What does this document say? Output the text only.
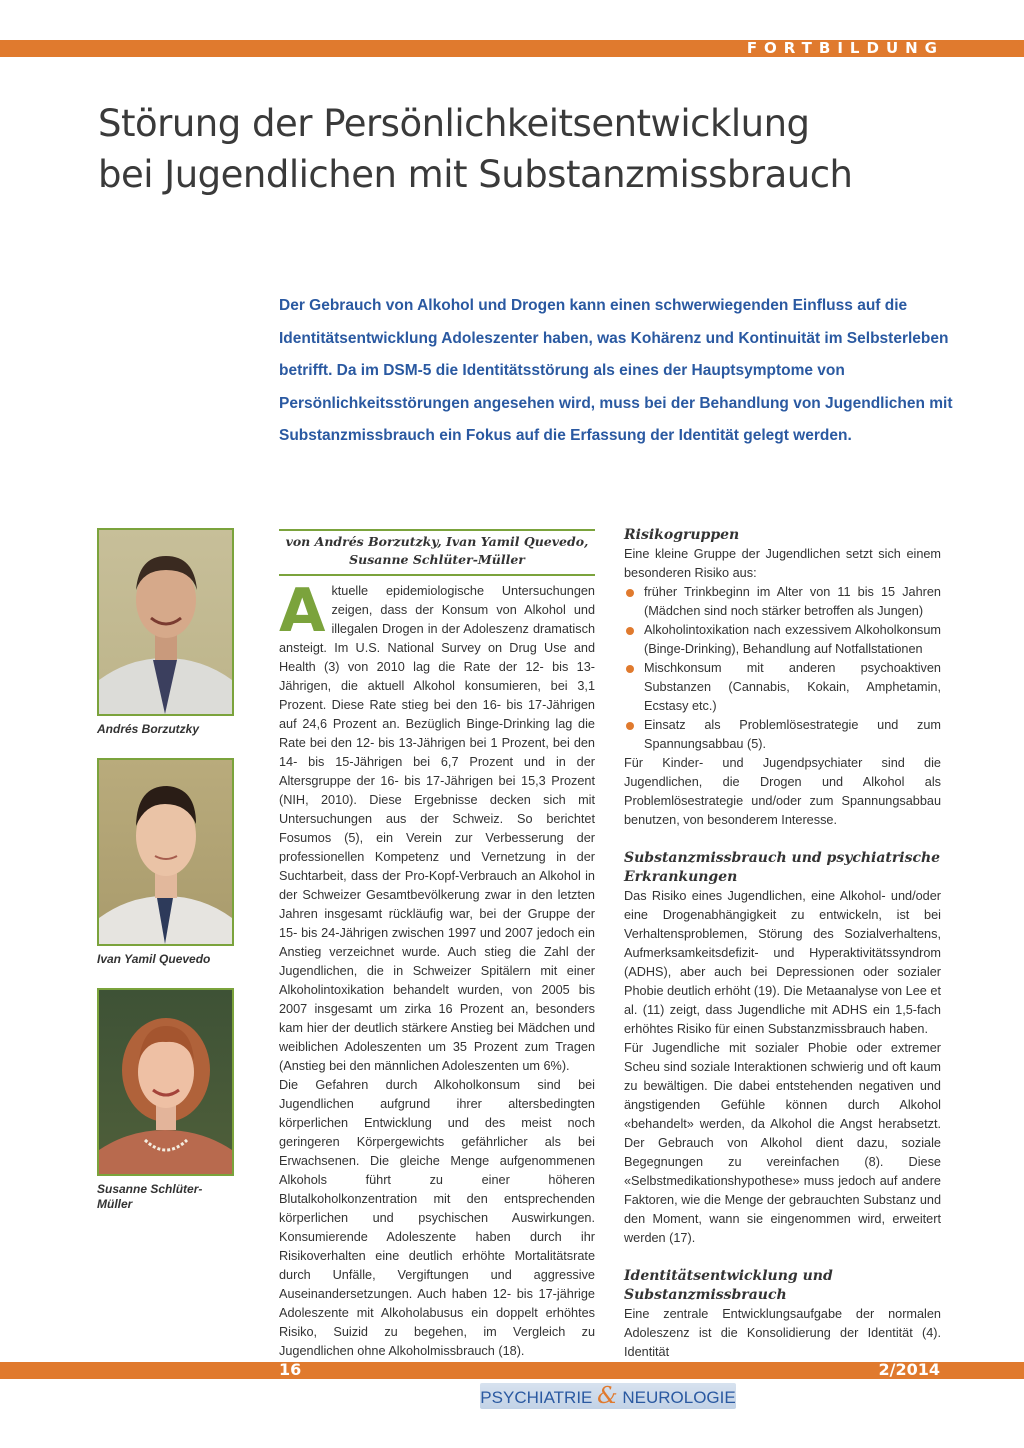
FORTBILDUNG
Störung der Persönlichkeitsentwicklung
bei Jugendlichen mit Substanzmissbrauch

Der Gebrauch von Alkohol und Drogen kann einen schwerwiegenden Einfluss auf die Identitätsentwicklung Adoleszenter haben, was Kohärenz und Kontinuität im Selbsterleben betrifft. Da im DSM-5 die Identitätsstörung als eines der Hauptsymptome von Persönlichkeitsstörungen angesehen wird, muss bei der Behandlung von Jugendlichen mit Substanzmissbrauch ein Fokus auf die Erfassung der Identität gelegt werden.

Andrés Borzutzky
Ivan Yamil Quevedo
Susanne Schlüter-Müller
von Andrés Borzutzky, Ivan Yamil Quevedo,
Susanne Schlüter-Müller

Aktuelle epidemiologische Untersuchungen zeigen, dass der Konsum von Alkohol und illegalen Drogen in der Adoleszenz dramatisch ansteigt. Im U.S. National Survey on Drug Use and Health (3) von 2010 lag die Rate der 12- bis 13-Jährigen, die aktuell Alkohol konsumieren, bei 3,1 Prozent. Diese Rate stieg bei den 16- bis 17-Jährigen auf 24,6 Prozent an. Bezüglich Binge-Drinking lag die Rate bei den 12- bis 13-Jährigen bei 1 Prozent, bei den 14- bis 15-Jährigen bei 6,7 Prozent und in der Altersgruppe der 16- bis 17-Jährigen bei 15,3 Prozent (NIH, 2010). Diese Ergebnisse decken sich mit Untersuchungen aus der Schweiz. So berichtet Fosumos (5), ein Verein zur Verbesserung der professionellen Kompetenz und Vernetzung in der Suchtarbeit, dass der Pro-Kopf-Verbrauch an Alkohol in der Schweizer Gesamtbevölkerung zwar in den letzten Jahren insgesamt rückläufig war, bei der Gruppe der 15- bis 24-Jährigen zwischen 1997 und 2007 jedoch ein Anstieg verzeichnet wurde. Auch stieg die Zahl der Jugendlichen, die in Schweizer Spitälern mit einer Alkoholintoxikation behandelt wurden, von 2005 bis 2007 insgesamt um zirka 16 Prozent an, besonders kam hier der deutlich stärkere Anstieg bei Mädchen und weiblichen Adoleszenten um 35 Prozent zum Tragen (Anstieg bei den männlichen Adoleszenten um 6%).

Die Gefahren durch Alkoholkonsum sind bei Jugendlichen aufgrund ihrer altersbedingten körperlichen Entwicklung und des meist noch geringeren Körpergewichts gefährlicher als bei Erwachsenen. Die gleiche Menge aufgenommenen Alkohols führt zu einer höheren Blutalkoholkonzentration mit den entsprechenden körperlichen und psychischen Auswirkungen. Konsumierende Adoleszente haben durch ihr Risikoverhalten eine deutlich erhöhte Mortalitätsrate durch Unfälle, Vergiftungen und aggressive Auseinandersetzungen. Auch haben 12- bis 17-jährige Adoleszente mit Alkoholabusus ein doppelt erhöhtes Risiko, Suizid zu begehen, im Vergleich zu Jugendlichen ohne Alkoholmissbrauch (18).

Risikogruppen

Eine kleine Gruppe der Jugendlichen setzt sich einem besonderen Risiko aus:

früher Trinkbeginn im Alter von 11 bis 15 Jahren (Mädchen sind noch stärker betroffen als Jungen)
Alkoholintoxikation nach exzessivem Alkoholkonsum (Binge-Drinking), Behandlung auf Notfallstationen
Mischkonsum mit anderen psychoaktiven Substanzen (Cannabis, Kokain, Amphetamin, Ecstasy etc.)
Einsatz als Problemlösestrategie und zum Spannungsabbau (5).

Für Kinder- und Jugendpsychiater sind die Jugendlichen, die Drogen und Alkohol als Problemlösestrategie und/oder zum Spannungsabbau benutzen, von besonderem Interesse.

Substanzmissbrauch und psychiatrische Erkrankungen

Das Risiko eines Jugendlichen, eine Alkohol- und/oder eine Drogenabhängigkeit zu entwickeln, ist bei Verhaltensproblemen, Störung des Sozialverhaltens, Aufmerksamkeitsdefizit- und Hyperaktivitätssyndrom (ADHS), aber auch bei Depressionen oder sozialer Phobie deutlich erhöht (19). Die Metaanalyse von Lee et al. (11) zeigt, dass Jugendliche mit ADHS ein 1,5-fach erhöhtes Risiko für einen Substanzmissbrauch haben.

Für Jugendliche mit sozialer Phobie oder extremer Scheu sind soziale Interaktionen schwierig und oft kaum zu bewältigen. Die dabei entstehenden negativen und ängstigenden Gefühle können durch Alkohol «behandelt» werden, da Alkohol die Angst herabsetzt. Der Gebrauch von Alkohol dient dazu, soziale Begegnungen zu vereinfachen (8). Diese «Selbstmedikationshypothese» muss jedoch auf andere Faktoren, wie die Menge der gebrauchten Substanz und den Moment, wann sie eingenommen wird, erweitert werden (17).

Identitätsentwicklung und Substanzmissbrauch

Eine zentrale Entwicklungsaufgabe der normalen Adoleszenz ist die Konsolidierung der Identität (4). Identität

16	2/2014
PSYCHIATRIE & NEUROLOGIE
